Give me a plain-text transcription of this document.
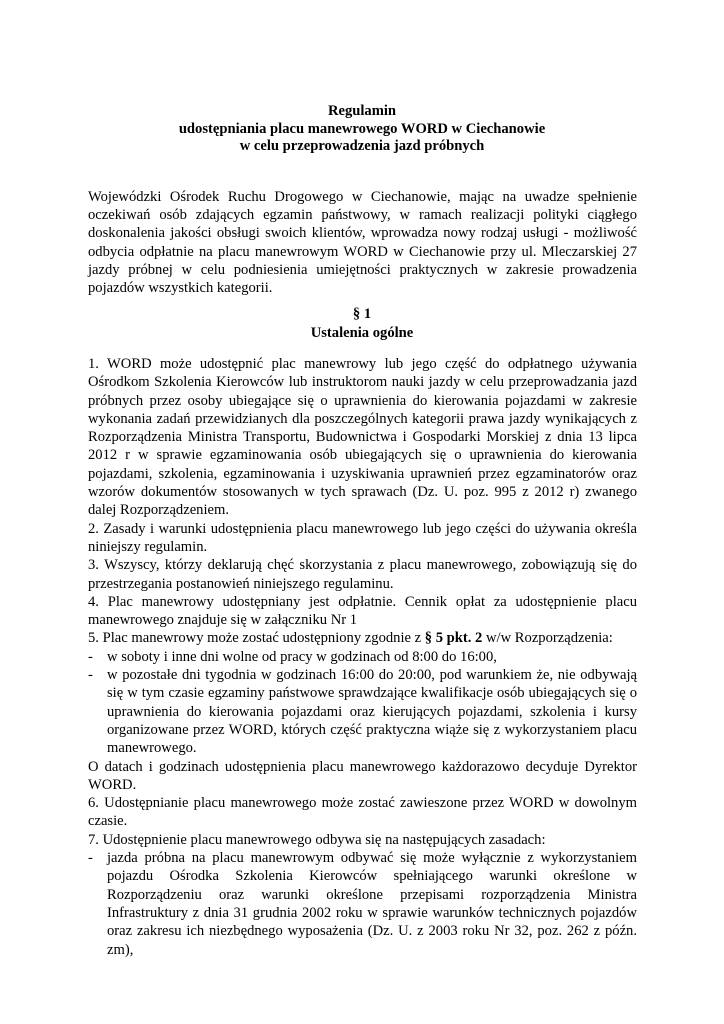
Regulamin
udostępniania placu manewrowego WORD w Ciechanowie
w celu przeprowadzenia jazd próbnych

Wojewódzki Ośrodek Ruchu Drogowego w Ciechanowie, mając na uwadze spełnienie oczekiwań osób zdających egzamin państwowy, w ramach realizacji polityki ciągłego doskonalenia jakości obsługi swoich klientów, wprowadza nowy rodzaj usługi - możliwość odbycia odpłatnie na placu manewrowym WORD w Ciechanowie przy ul. Mleczarskiej 27 jazdy próbnej w celu podniesienia umiejętności praktycznych w zakresie prowadzenia pojazdów wszystkich kategorii.

§ 1
Ustalenia ogólne

1. WORD może udostępnić plac manewrowy lub jego część do odpłatnego używania Ośrodkom Szkolenia Kierowców lub instruktorom nauki jazdy w celu przeprowadzania jazd próbnych przez osoby ubiegające się o uprawnienia do kierowania pojazdami w zakresie wykonania zadań przewidzianych dla poszczególnych kategorii prawa jazdy wynikających z Rozporządzenia Ministra Transportu, Budownictwa i Gospodarki Morskiej z dnia 13 lipca 2012 r w sprawie egzaminowania osób ubiegających się o uprawnienia do kierowania pojazdami, szkolenia, egzaminowania i uzyskiwania uprawnień przez egzaminatorów oraz wzorów dokumentów stosowanych w tych sprawach (Dz. U. poz. 995 z 2012 r) zwanego dalej Rozporządzeniem.

2. Zasady i warunki udostępnienia placu manewrowego lub jego części do używania określa niniejszy regulamin.

3. Wszyscy, którzy deklarują chęć skorzystania z placu manewrowego, zobowiązują się do przestrzegania postanowień niniejszego regulaminu.

4. Plac manewrowy udostępniany jest odpłatnie. Cennik opłat za udostępnienie placu manewrowego znajduje się w załączniku Nr 1

5. Plac manewrowy może zostać udostępniony zgodnie z § 5 pkt. 2 w/w Rozporządzenia:

- w soboty i inne dni wolne od pracy w godzinach od 8:00 do 16:00,
- w pozostałe dni tygodnia w godzinach 16:00 do 20:00, pod warunkiem że, nie odbywają się w tym czasie egzaminy państwowe sprawdzające kwalifikacje osób ubiegających się o uprawnienia do kierowania pojazdami oraz kierujących pojazdami, szkolenia i kursy organizowane przez WORD, których część praktyczna wiąże się z wykorzystaniem placu manewrowego.

O datach i godzinach udostępnienia placu manewrowego każdorazowo decyduje Dyrektor WORD.

6. Udostępnianie placu manewrowego może zostać zawieszone przez WORD w dowolnym czasie.

7. Udostępnienie placu manewrowego odbywa się na następujących zasadach:

- jazda próbna na placu manewrowym odbywać się może wyłącznie z wykorzystaniem pojazdu Ośrodka Szkolenia Kierowców spełniającego warunki określone w Rozporządzeniu oraz warunki określone przepisami rozporządzenia Ministra Infrastruktury z dnia 31 grudnia 2002 roku w sprawie warunków technicznych pojazdów oraz zakresu ich niezbędnego wyposażenia (Dz. U. z 2003 roku Nr 32, poz. 262 z późn. zm),
